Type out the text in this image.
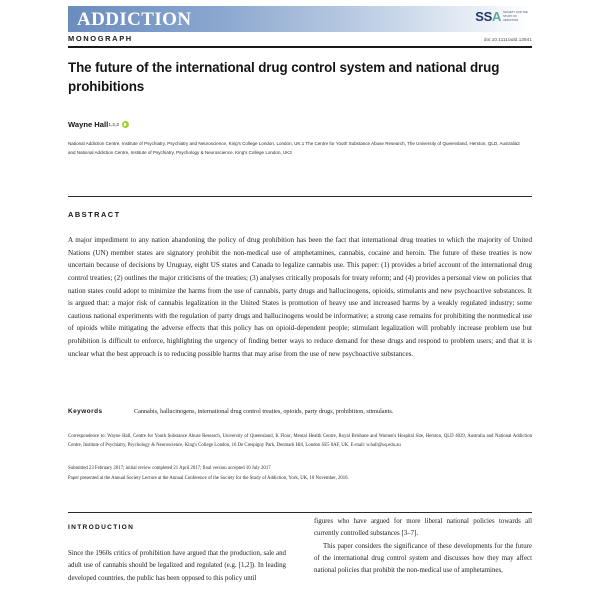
ADDICTION	SSA SOCIETY FOR THE
STUDY OF
ADDICTION
MONOGRAPH	doi:10.1111/add.13941
The future of the international drug control system and national drug prohibitions
Wayne Hall 1,2,3
National Addiction Centre, Institute of Psychiatry, Psychiatry and Neuroscience, King's College London, London, UK,1 The Centre for Youth Substance Abuse Research, The University of Queensland, Herston, QLD, Australia2 and National Addiction Centre, Institute of Psychiatry, Psychology & Neuroscience, King's College London, UK3
ABSTRACT
A major impediment to any nation abandoning the policy of drug prohibition has been the fact that international drug treaties to which the majority of United Nations (UN) member states are signatory prohibit the non-medical use of amphetamines, cannabis, cocaine and heroin. The future of these treaties is now uncertain because of decisions by Uruguay, eight US states and Canada to legalize cannabis use. This paper: (1) provides a brief account of the international drug control treaties; (2) outlines the major criticisms of the treaties; (3) analyses critically proposals for treaty reform; and (4) provides a personal view on policies that nation states could adopt to minimize the harms from the use of cannabis, party drugs and hallucinogens, opioids, stimulants and new psychoactive substances. It is argued that: a major risk of cannabis legalization in the United States is promotion of heavy use and increased harms by a weakly regulated industry; some cautious national experiments with the regulation of party drugs and hallucinogens would be informative; a strong case remains for prohibiting the nonmedical use of opioids while mitigating the adverse effects that this policy has on opioid-dependent people; stimulant legalization will probably increase problem use but prohibition is difficult to enforce, highlighting the urgency of finding better ways to reduce demand for these drugs and respond to problem users; and that it is unclear what the best approach is to reducing possible harms that may arise from the use of new psychoactive substances.
Keywords	Cannabis, hallucinogens, international drug control treaties, opioids, party drugs, prohibition, stimulants.
Correspondence to: Wayne Hall, Centre for Youth Substance Abuse Research, University of Queensland, K Floor, Mental Health Centre, Royal Brisbane and Women's Hospital Site, Herston, QLD 4029, Australia and National Addiction Centre, Institute of Psychiatry, Psychology & Neuroscience, King's College London, 16 De Crespigny Park, Denmark Hill, London SE5 8AF, UK. E-mail: w.hall@uq.edu.au
Submitted 23 February 2017; initial review completed 21 April 2017; final version accepted 10 July 2017
Paper presented at the Annual Society Lecture at the Annual Conference of the Society for the Study of Addiction, York, UK, 10 November, 2016.
INTRODUCTION

Since the 1960s critics of prohibition have argued that the production, sale and adult use of cannabis should be legalized and regulated (e.g. [1,2]). In leading developed countries, the public has been opposed to this policy until

figures who have argued for more liberal national policies towards all currently controlled substances [3–7].

This paper considers the significance of these developments for the future of the international drug control system and discusses how they may affect national policies that prohibit the non-medical use of amphetamines,
